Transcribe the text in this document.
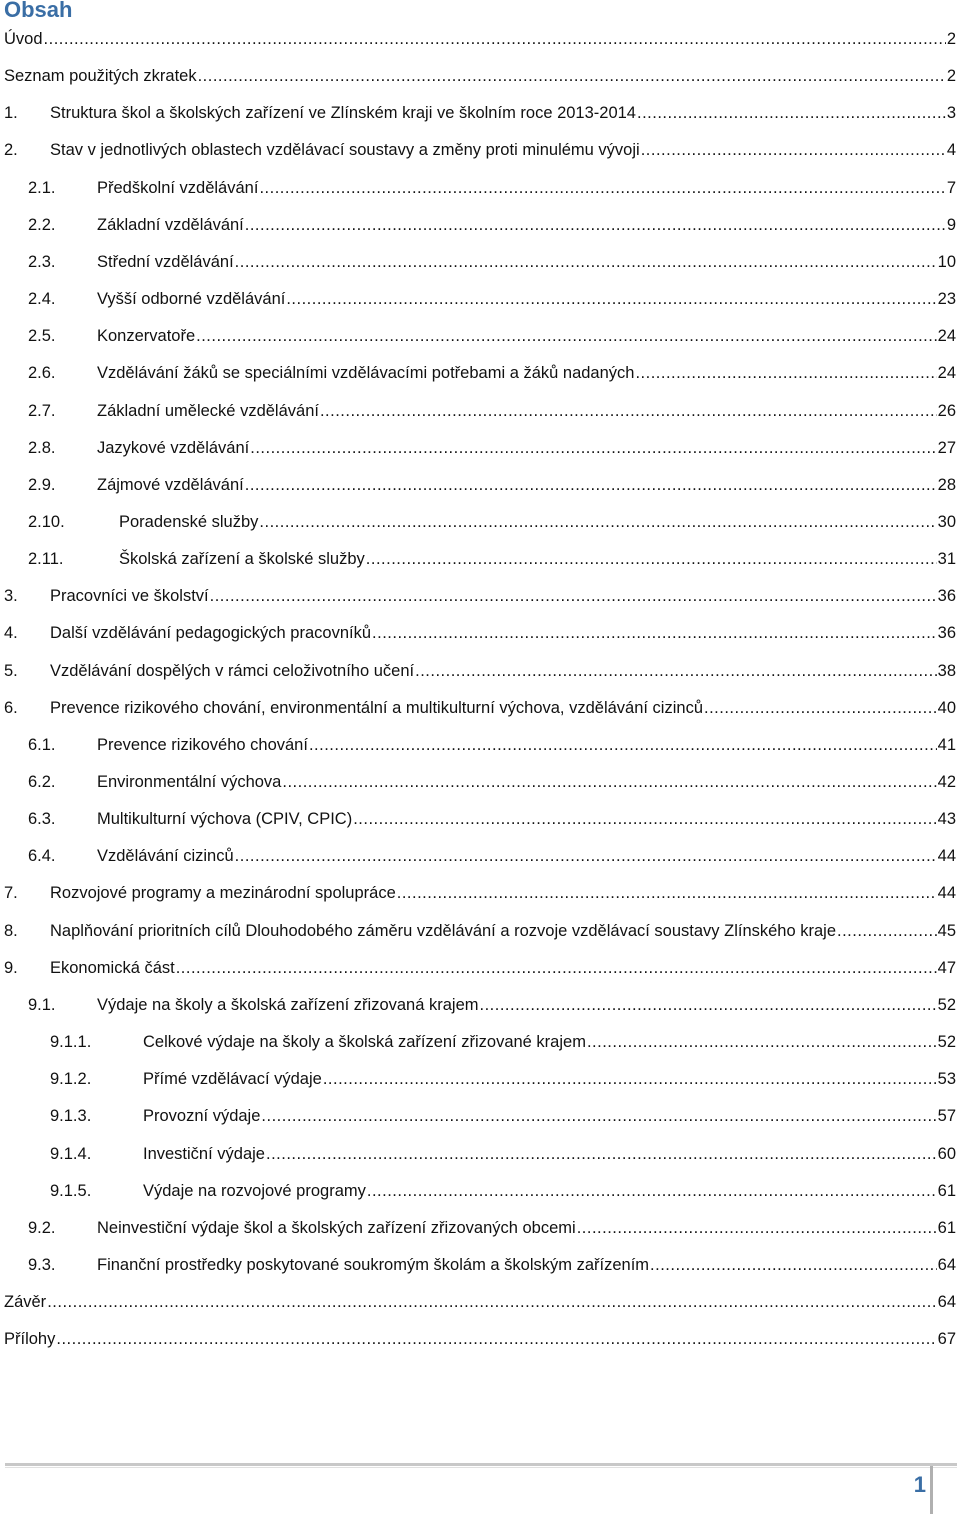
Obsah
Úvod .....	2
Seznam použitých zkratek .....	2
1. Struktura škol a školských zařízení ve Zlínském kraji ve školním roce 2013-2014 .....	3
2. Stav v jednotlivých oblastech vzdělávací soustavy a změny proti minulému vývoji .....	4
2.1.	Předškolní vzdělávání .....	7
2.2.	Základní vzdělávání .....	9
2.3.	Střední vzdělávání .....	10
2.4.	Vyšší odborné vzdělávání .....	23
2.5.	Konzervatoře .....	24
2.6.	Vzdělávání žáků se speciálními vzdělávacími potřebami a žáků nadaných .....	24
2.7.	Základní umělecké vzdělávání .....	26
2.8.	Jazykové vzdělávání .....	27
2.9.	Zájmové vzdělávání .....	28
2.10.	Poradenské služby .....	30
2.11.	Školská zařízení a školské služby .....	31
3. Pracovníci ve školství .....	36
4. Další vzdělávání pedagogických pracovníků .....	36
5. Vzdělávání dospělých v rámci celoživotního učení .....	38
6. Prevence rizikového chování, environmentální a multikulturní výchova, vzdělávání cizinců .....	40
6.1.	Prevence rizikového chování .....	41
6.2.	Environmentální výchova .....	42
6.3.	Multikulturní výchova (CPIV, CPIC) .....	43
6.4.	Vzdělávání cizinců .....	44
7. Rozvojové programy a mezinárodní spolupráce .....	44
8. Naplňování prioritních cílů Dlouhodobého záměru vzdělávání a rozvoje vzdělávací soustavy Zlínského kraje .....	45
9. Ekonomická část .....	47
9.1.	Výdaje na školy a školská zařízení zřizovaná krajem .....	52
9.1.1.	Celkové výdaje na školy a školská zařízení zřizované krajem .....	52
9.1.2.	Přímé vzdělávací výdaje .....	53
9.1.3.	Provozní výdaje .....	57
9.1.4.	Investiční výdaje .....	60
9.1.5.	Výdaje na rozvojové programy .....	61
9.2.	Neinvestiční výdaje škol a školských zařízení zřizovaných obcemi .....	61
9.3.	Finanční prostředky poskytované soukromým školám a školským zařízením .....	64
Závěr .....	64
Přílohy .....	67
1
